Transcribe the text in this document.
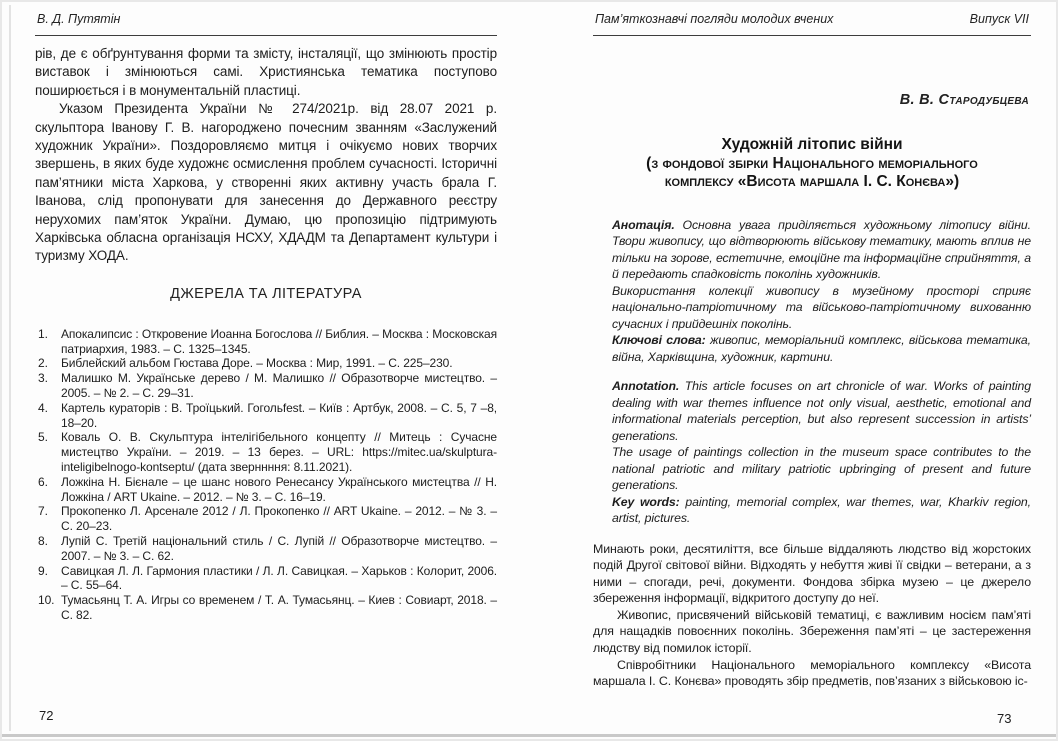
В. Д. Путятін

рів, де є обґрунтування форми та змісту, інсталяції, що змінюють простір виставок і змінюються самі. Християнська тематика поступово поширюється і в монументальній пластиці.

Указом Президента України № 274/2021р. від 28.07 2021 р. скульптора Іванову Г. В. нагороджено почесним званням «Заслужений художник України». Поздоровляємо митця і очікуємо нових творчих звершень, в яких буде художнє осмислення проблем сучасності. Історичні пам’ятники міста Харкова, у створенні яких активну участь брала Г. Іванова, слід пропонувати для занесення до Державного реєстру нерухомих пам’яток України. Думаю, цю пропозицію підтримують Харківська обласна організація НСХУ, ХДАДМ та Департамент культури і туризму ХОДА.

ДЖЕРЕЛА ТА ЛІТЕРАТУРА
1. Апокалипсис : Откровение Иоанна Богослова // Библия. – Москва : Московская патриархия, 1983. – С. 1325–1345.
2. Библейский альбом Гюстава Доре. – Москва : Мир, 1991. – С. 225–230.
3. Малишко М. Українське дерево / М. Малишко // Образотворче мистецтво. – 2005. – № 2. – С. 29–31.
4. Картель кураторів : В. Троїцький. Гогольfest. – Київ : Артбук, 2008. – С. 5, 7 –8, 18–20.
5. Коваль О. В. Скульптура інтелігібельного концепту // Митець : Сучасне мистецтво України. – 2019. – 13 берез. – URL: https://mitec.ua/skulptura-inteligibelnogo-kontseptu/ (дата зверннння: 8.11.2021).
6. Ложкіна Н. Бієнале – це шанс нового Ренесансу Українського мистецтва // Н. Ложкіна / ART Ukaine. – 2012. – № 3. – С. 16–19.
7. Прокопенко Л. Арсенале 2012 / Л. Прокопенко // ART Ukaine. – 2012. – № 3. – С. 20–23.
8. Лупій С. Третій національний стиль / С. Лупій // Образотворче мистецтво. – 2007. – № 3. – С. 62.
9. Савицкая Л. Л. Гармония пластики / Л. Л. Савицкая. – Харьков : Колорит, 2006. – С. 55–64.
10. Тумасьянц Т. А. Игры со временем / Т. А. Тумасьянц. – Киев : Совиарт, 2018. – С. 82.
Пам’яткознавчі погляди молодих вчених	Випуск VII
В. В. Стародубцева
Художній літопис війни
(з фондової збірки Національного меморіального
комплексу «Висота маршала І. С. Конєва»)

Анотація. Основна увага приділяється художньому літопису війни. Твори живопису, що відтворюють військову тематику, мають вплив не тільки на зорове, естетичне, емоційне та інформаційне сприйняття, а й передають спадковість поколінь художників.

Використання колекції живопису в музейному просторі сприяє національно-патріотичному та військово-патріотичному вихованню сучасних і прийдешніх поколінь.

Ключові слова: живопис, меморіальний комплекс, військова тематика, війна, Харківщина, художник, картини.

Annotation. This article focuses on art chronicle of war. Works of painting dealing with war themes influence not only visual, aesthetic, emotional and informational materials perception, but also represent succession in artists’ generations.

The usage of paintings collection in the museum space contributes to the national patriotic and military patriotic upbringing of present and future generations.

Key words: painting, memorial complex, war themes, war, Kharkiv region, artist, pictures.

Минають роки, десятиліття, все більше віддаляють людство від жорстоких подій Другої світової війни. Відходять у небуття живі її свідки – ветерани, а з ними – спогади, речі, документи. Фондова збірка музею – це джерело збереження інформації, відкритого доступу до неї.

Живопис, присвячений військовій тематиці, є важливим носієм пам’яті для нащадків повоєнних поколінь. Збереження пам’яті – це застереження людству від помилок історії.

Співробітники Національного меморіального комплексу «Висота маршала І. С. Конєва» проводять збір предметів, пов’язаних з військовою іс-

72	73
